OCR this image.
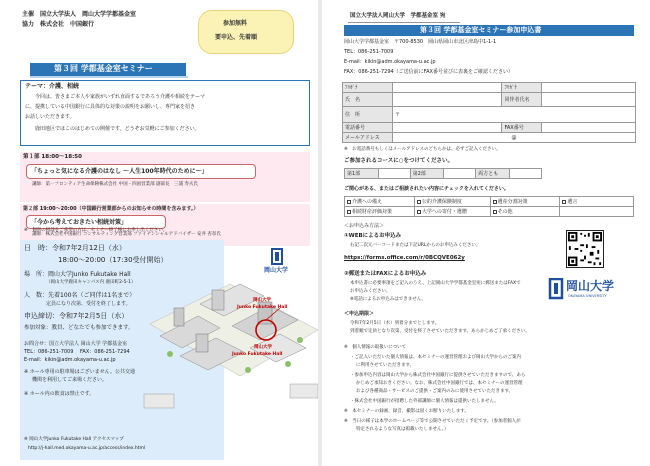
主催　国立大学法人　岡山大学学都基金室
協力　株式会社　中国銀行	参加無料
要申込、先着順
第３回 学都基金室セミナー
テーマ：介護、相続
今回は、皆さまご本人や家族がいずれ直面するであろう介護や相続をテーマ
に、提携している中国銀行に具体的な対策の説明をお願いし、専門家を招き
お話しいただきます。
鹿田地区ではこのはじめての開催です。どうぞお気軽にご参加ください。
第１部 18:00〜18:50
「ちょっと気になる介護のはなし ～人生100年時代のために～」
講師：第一フロンティア生命保険株式会社 中国・四国営業部 副部長　三浦 寿夫氏
第２部 19:00〜20:00（中国銀行営業部からのお知らせの時間を含みます。）
「今から考えておきたい相続対策」
講師：株式会社中国銀行 コンサルティング営業部 ファイナンシャルアドバイザー 安井 杏奈氏
※　個別の相談をご希望の方は、セミナー終了後にお申し出ください。
日　時：令和7年2月12日（水）
18:00〜20:00（17:30受付開始）
場　所：岡山大学Junko Fukutake Hall
（岡山大学鹿田キャンパス内 鹿田町2-5-1）
人　数：先着100名（ご同伴は1名まで）
定員になり次第、受付を終了します。
申込締切：令和7年2月5日（水）
参加対象：教員、どなたでも参加できます。
お問合せ：国立大学法人 岡山大学 学都基金室
TEL：086-251-7009　 FAX：086-251-7294
E-mail：kikin@adm.okayama-u.ac.jp
※ ホール専用の駐車場はございません。公共交通
機関を利用してご来場ください。
※ ホール内の飲食は禁止です。
※ 岡山大学Junko Fukutake Hall アクセスマップ
http://j-hall.med.okayama-u.ac.jp/access/index.html
岡山大学
Junko Fukutake Hall
岡山大学
Junko Fukutake Hall
岡山大学
国立大学法人岡山大学　学都基金室 宛
第３回 学都基金室セミナー参加申込書
岡山大学学都基金室　〒700-8530　岡山県岡山市北区津島中1-1-1
TEL：086-251-7009
E-mail：kikin@adm.okayama-u.ac.jp
FAX：086-251-7294（ご送信前にFAX番号並びに表裏をご確認ください）
ﾌﾘｶﾞﾅ		ﾌﾘｶﾞﾅ	
氏　名		同伴者氏名	
住　所	〒		
電話番号		FAX番号	
メールアドレス	@		
※　お電話番号もしくはメールアドレスのどちらかは、必ずご記入ください。
ご参加されるコースに○をつけてください。
第1部		第2部		両方とも	
ご関心がある、またはご相談されたい内容にチェックを入れてください。
介護への備え	公的介護保険制度	遺産分割対策	遺言
相続財産評価対策	大学への寄付・遺贈	その他	
＜お申込み方法＞
①WEBによるお申込み
右記二次元バーコードまたは下記URLからのお申込みください。
https://forms.office.com/r/0BCQVE062y
②郵送またはFAXによるお申込み
本申込書に必要事項をご記入のうえ、上記岡山大学学都基金室宛に郵送またはFAXで
お申込みください。
※電話によるお申込みはできません。
岡山大学
OKAYAMA UNIVERSITY
＜申込期限＞
令和7年2月5日（水）到着分までとします。
到着順で定員となり次第、受付を終了させていただきます。あらかじめご了承ください。
※　個人情報の取扱いについて
・ご記入いただいた個人情報は、本セミナーの運営管理および岡山大学からのご案内
に利用させていただきます。
・参加申込内容は岡山大学から株式会社中国銀行に提供させていただきますので、あら
かじめご承知おきください。なお、株式会社中国銀行では、本セミナーの運営管理
および各種商品・サービスのご提供・ご案内のみに使用させていただきます。
・株式会社中国銀行が招聘した外部講師に個人情報は提供いたしません。
※　本セミナーの録画、録音、撮影は固くお断りいたします。
※　当日の様子は本学のホームページ等で公開させていただく予定です。（参加者個人が
特定されるような写真は掲載いたしません。）
